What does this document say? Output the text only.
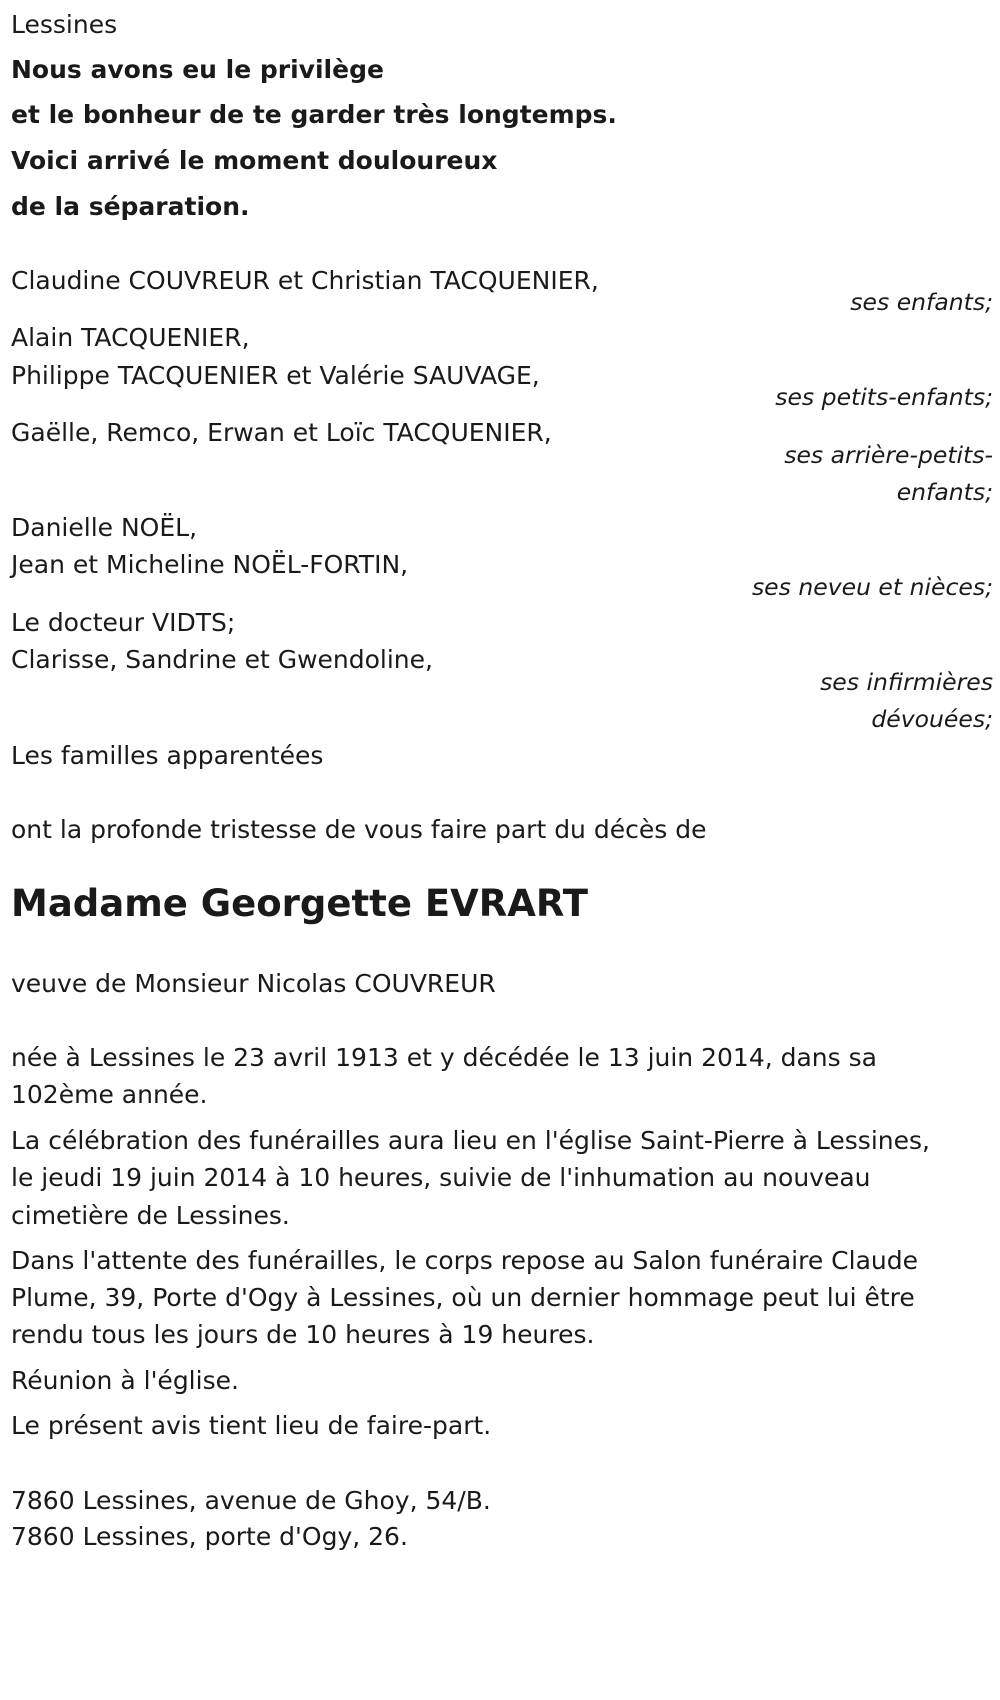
Lessines

Nous avons eu le privilège

et le bonheur de te garder très longtemps.

Voici arrivé le moment douloureux

de la séparation.

Claudine COUVREUR et Christian TACQUENIER,

ses enfants;

Alain TACQUENIER,

Philippe TACQUENIER et Valérie SAUVAGE,

ses petits-enfants;

Gaëlle, Remco, Erwan et Loïc TACQUENIER,

ses arrière-petits-

enfants;

Danielle NOËL,

Jean et Micheline NOËL-FORTIN,

ses neveu et nièces;

Le docteur VIDTS;

Clarisse, Sandrine et Gwendoline,

ses infirmières

dévouées;

Les familles apparentées

ont la profonde tristesse de vous faire part du décès de

Madame Georgette EVRART

veuve de Monsieur Nicolas COUVREUR

née à Lessines le 23 avril 1913 et y décédée le 13 juin 2014, dans sa

102ème année.

La célébration des funérailles aura lieu en l'église Saint-Pierre à Lessines,

le jeudi 19 juin 2014 à 10 heures, suivie de l'inhumation au nouveau

cimetière de Lessines.

Dans l'attente des funérailles, le corps repose au Salon funéraire Claude

Plume, 39, Porte d'Ogy à Lessines, où un dernier hommage peut lui être

rendu tous les jours de 10 heures à 19 heures.

Réunion à l'église.

Le présent avis tient lieu de faire-part.

7860 Lessines, avenue de Ghoy, 54/B.

7860 Lessines, porte d'Ogy, 26.
